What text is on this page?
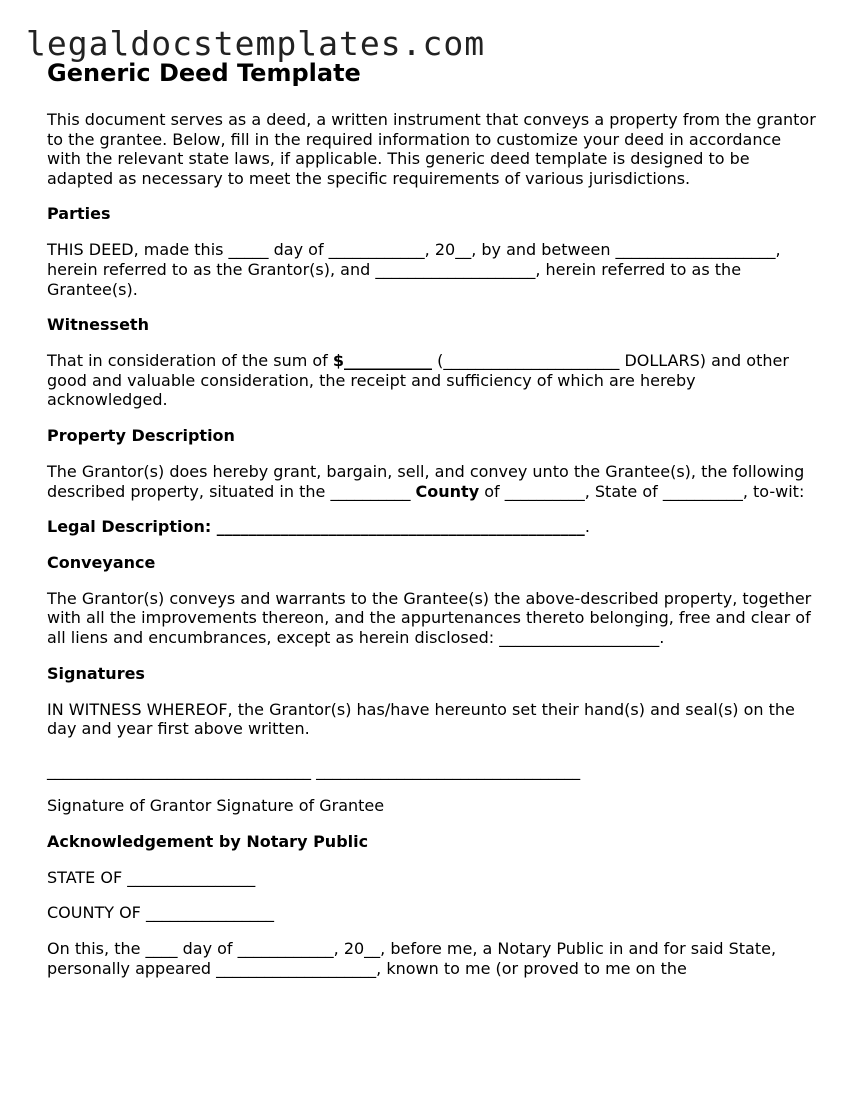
legaldocstemplates.com
Generic Deed Template

This document serves as a deed, a written instrument that conveys a property from the grantor to the grantee. Below, fill in the required information to customize your deed in accordance with the relevant state laws, if applicable. This generic deed template is designed to be adapted as necessary to meet the specific requirements of various jurisdictions.

Parties

THIS DEED, made this _____ day of ____________, 20__, by and between ____________________, herein referred to as the Grantor(s), and ____________________, herein referred to as the Grantee(s).

Witnesseth

That in consideration of the sum of $___________ (______________________ DOLLARS) and other good and valuable consideration, the receipt and sufficiency of which are hereby acknowledged.

Property Description

The Grantor(s) does hereby grant, bargain, sell, and convey unto the Grantee(s), the following described property, situated in the __________ County of __________, State of __________, to-wit:

Legal Description: ______________________________________________.

Conveyance

The Grantor(s) conveys and warrants to the Grantee(s) the above-described property, together with all the improvements thereon, and the appurtenances thereto belonging, free and clear of all liens and encumbrances, except as herein disclosed: ____________________.

Signatures

IN WITNESS WHEREOF, the Grantor(s) has/have hereunto set their hand(s) and seal(s) on the day and year first above written.

_________________________________ _________________________________

Signature of Grantor Signature of Grantee

Acknowledgement by Notary Public

STATE OF ________________

COUNTY OF ________________

On this, the ____ day of ____________, 20__, before me, a Notary Public in and for said State, personally appeared ____________________, known to me (or proved to me on the
